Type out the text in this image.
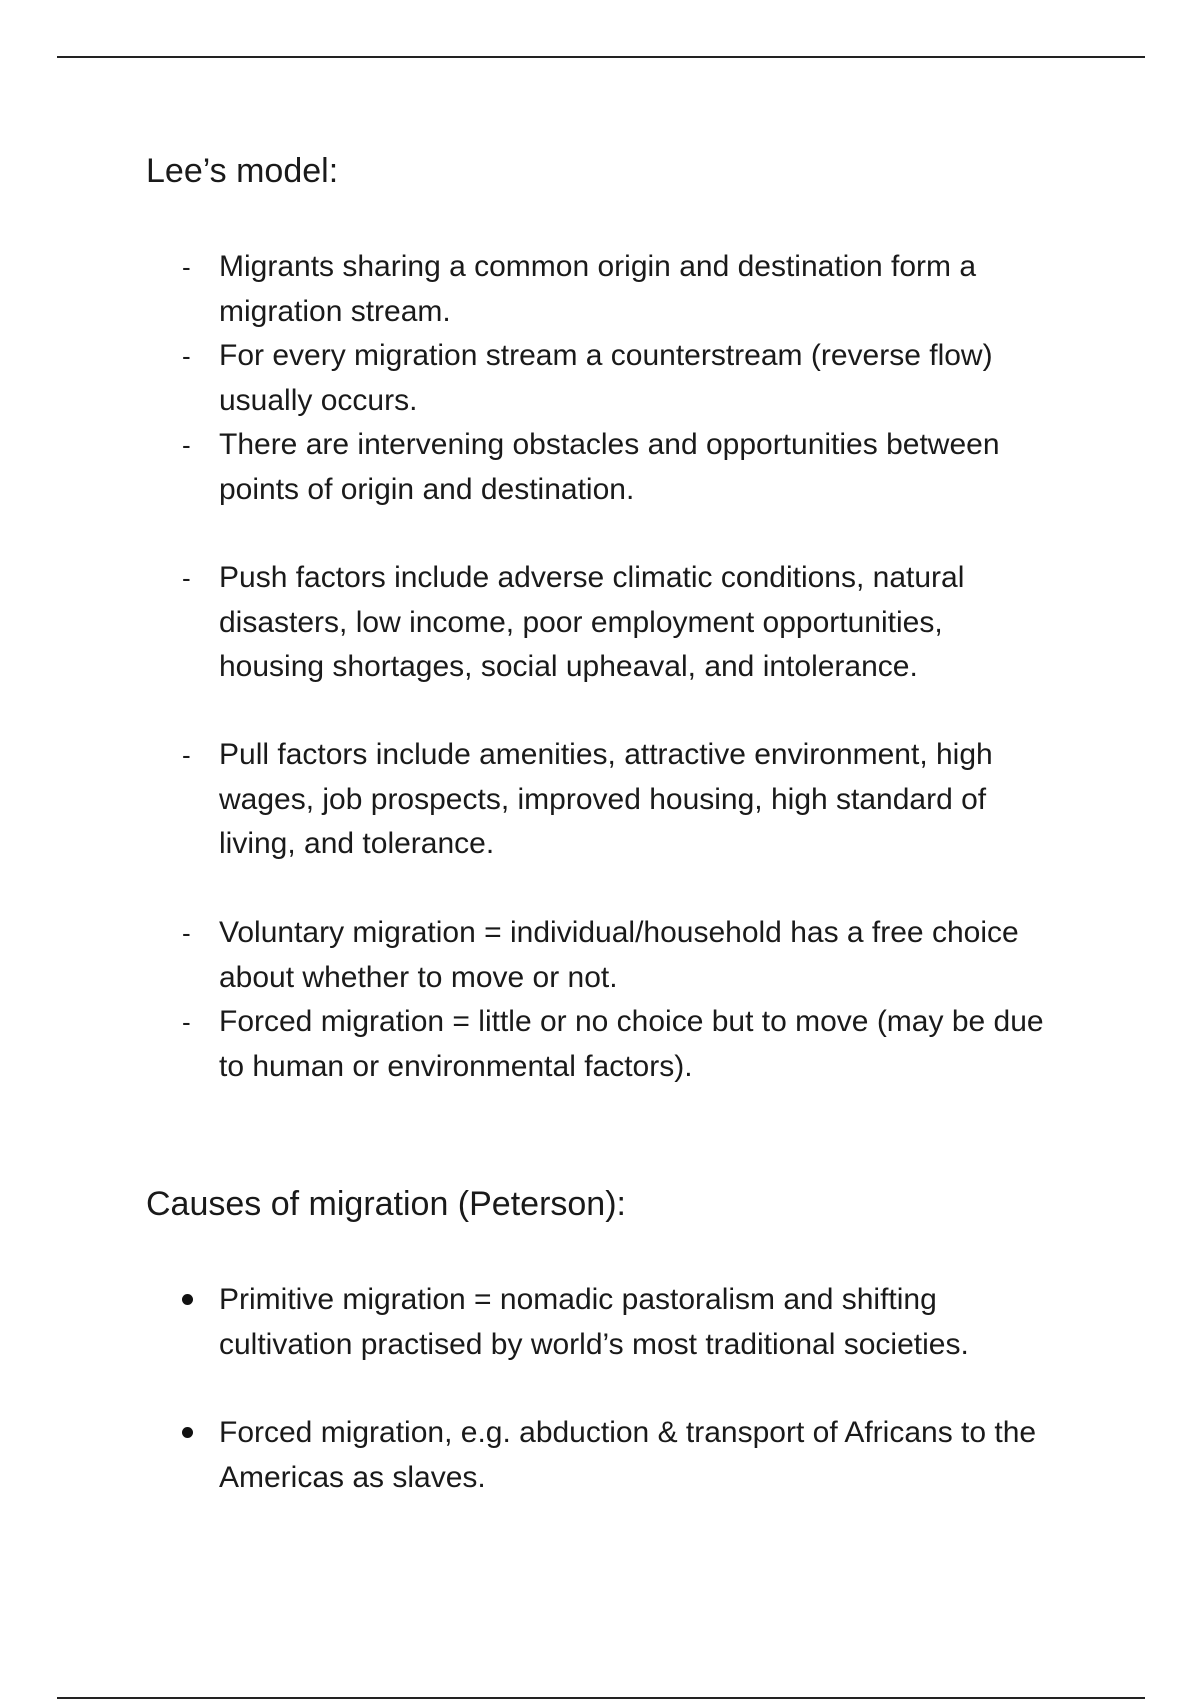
Lee’s model:
- Migrants sharing a common origin and destination form a migration stream.
- For every migration stream a counterstream (reverse flow) usually occurs.
- There are intervening obstacles and opportunities between points of origin and destination.
- Push factors include adverse climatic conditions, natural disasters, low income, poor employment opportunities, housing shortages, social upheaval, and intolerance.
- Pull factors include amenities, attractive environment, high wages, job prospects, improved housing, high standard of living, and tolerance.
- Voluntary migration = individual/household has a free choice about whether to move or not.
- Forced migration = little or no choice but to move (may be due to human or environmental factors).
Causes of migration (Peterson):
Primitive migration = nomadic pastoralism and shifting cultivation practised by world’s most traditional societies.
Forced migration, e.g. abduction & transport of Africans to the Americas as slaves.
